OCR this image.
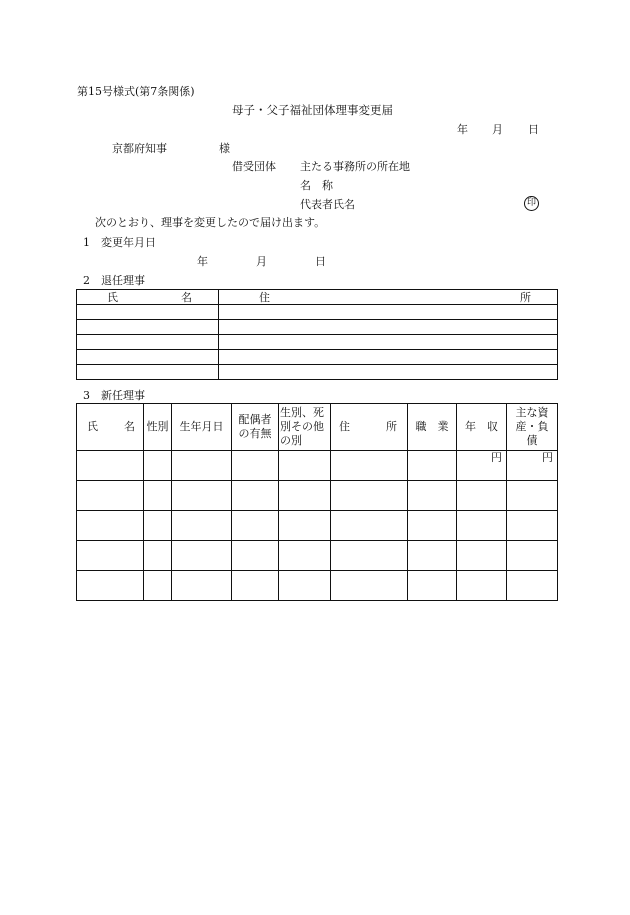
第15号様式(第7条関係)
母子・父子福祉団体理事変更届
年 月 日
京都府知事	様
借受団体 主たる事務所の所在地
名　称
代表者氏名	印
次のとおり、理事を変更したので届け出ます。
1　変更年月日
年	月	日
2　退任理事
氏 名	住 所

3　新任理事
氏 名	性別	生年月日	配偶者の有無	生別、死別その他の別	住 所	職　業	年　収	主な資産・負債

							円	円
